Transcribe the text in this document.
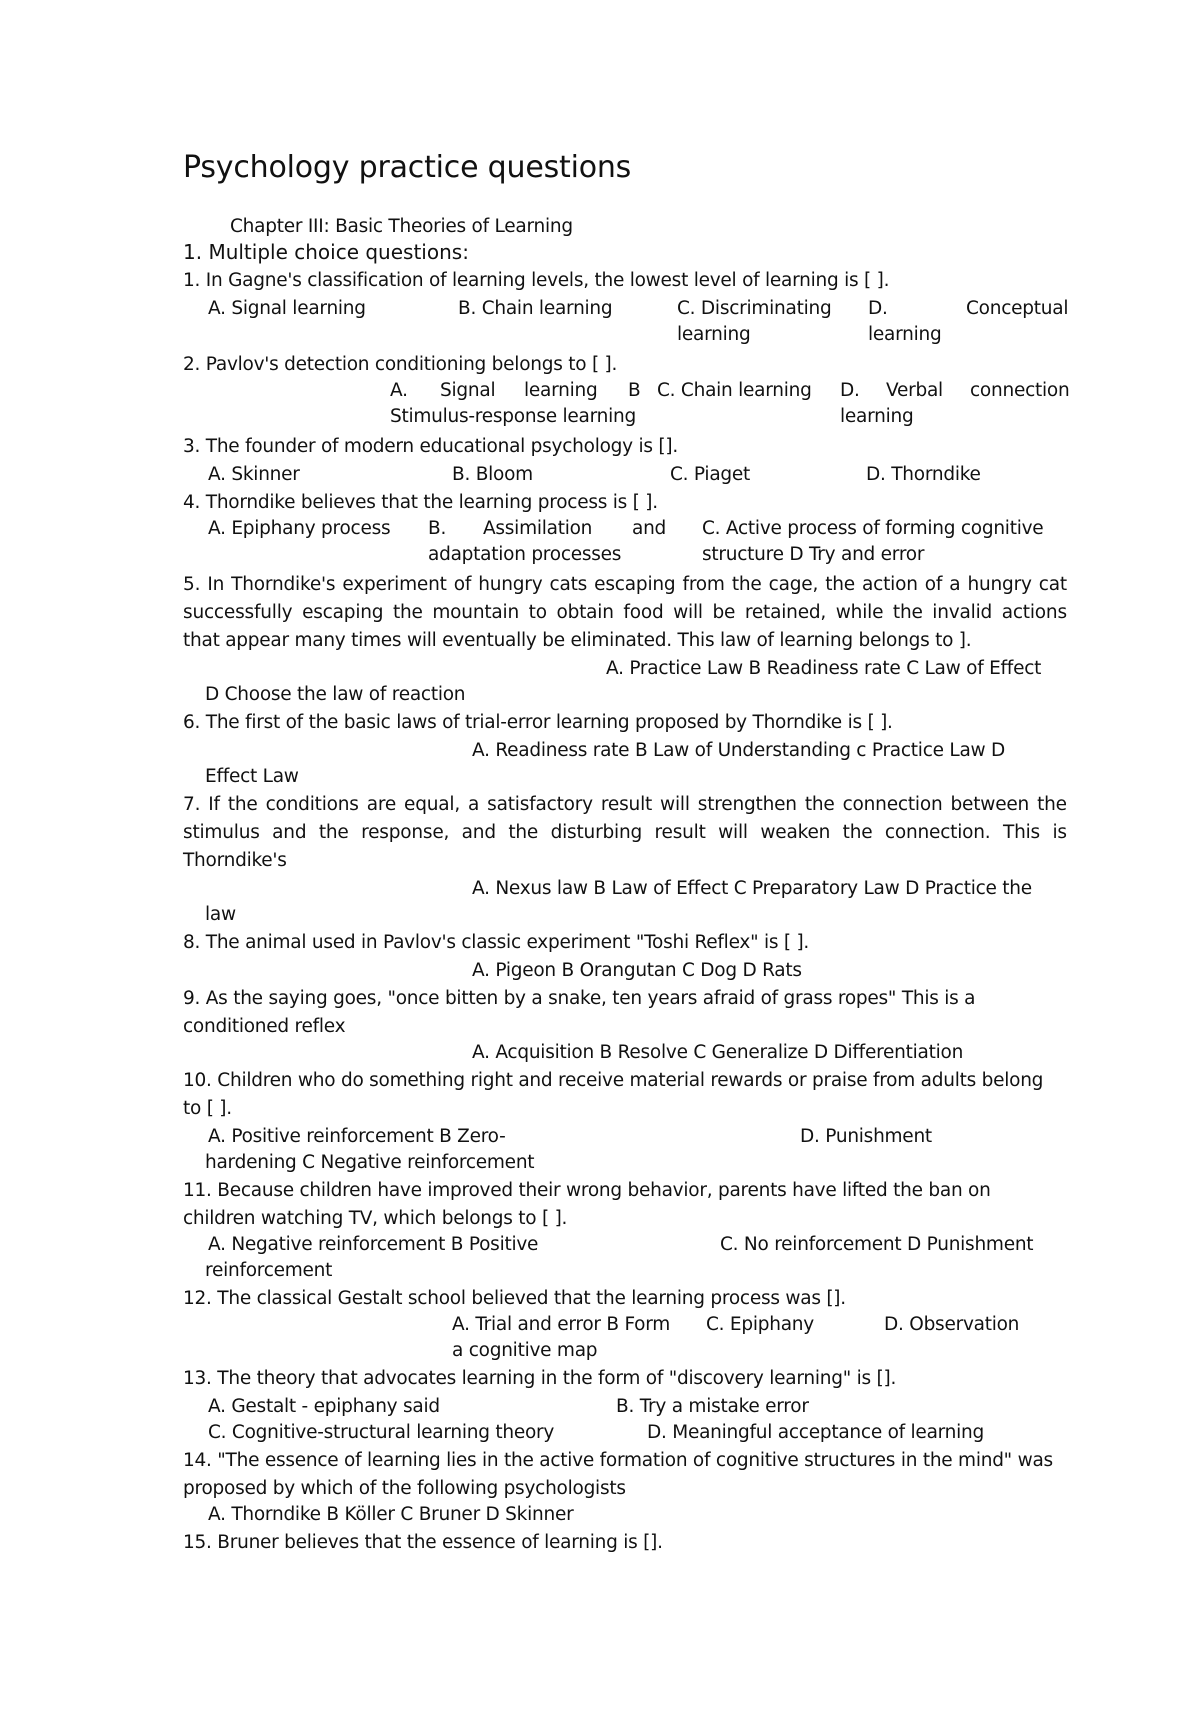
Psychology practice questions
Chapter III: Basic Theories of Learning
1. Multiple choice questions:
1. In Gagne's classification of learning levels, the lowest level of learning is [ ].
A. Signal learning	B. Chain learning	C. Discriminating
learning
D.	Conceptual
learning
2. Pavlov's detection conditioning belongs to [ ].
A. Signal learning B
Stimulus-response learning
C. Chain learning D. Verbal connection
learning
3. The founder of modern educational psychology is [].
A. Skinner	B. Bloom	C. Piaget	D. Thorndike
4. Thorndike believes that the learning process is [ ].
A. Epiphany process B. Assimilation and
adaptation processes
C. Active process of forming cognitive
structure D Try and error
5. In Thorndike's experiment of hungry cats escaping from the cage, the action of a hungry cat
successfully escaping the mountain to obtain food will be retained, while the invalid actions
that appear many times will eventually be eliminated. This law of learning belongs to ].
A. Practice Law B Readiness rate C Law of Effect
D Choose the law of reaction
6. The first of the basic laws of trial-error learning proposed by Thorndike is [ ].
A. Readiness rate B Law of Understanding c Practice Law D
Effect Law
7. If the conditions are equal, a satisfactory result will strengthen the connection between the
stimulus and the response, and the disturbing result will weaken the connection. This is
Thorndike's
A. Nexus law B Law of Effect C Preparatory Law D Practice the
law
8. The animal used in Pavlov's classic experiment "Toshi Reflex" is [ ].
A. Pigeon B Orangutan C Dog D Rats
9. As the saying goes, "once bitten by a snake, ten years afraid of grass ropes" This is a
conditioned reflex
A. Acquisition B Resolve C Generalize D Differentiation
10. Children who do something right and receive material rewards or praise from adults belong
to [ ].
A. Positive reinforcement B Zero-
hardening C Negative reinforcement
D. Punishment
11. Because children have improved their wrong behavior, parents have lifted the ban on
children watching TV, which belongs to [ ].
A. Negative reinforcement B Positive
reinforcement
C. No reinforcement D Punishment
12. The classical Gestalt school believed that the learning process was [].
A. Trial and error B Form
a cognitive map
C. Epiphany	D. Observation
13. The theory that advocates learning in the form of "discovery learning" is [].
A. Gestalt - epiphany said	B. Try a mistake error
C. Cognitive-structural learning theory	D. Meaningful acceptance of learning
14. "The essence of learning lies in the active formation of cognitive structures in the mind" was
proposed by which of the following psychologists
A. Thorndike B Köller C Bruner D Skinner
15. Bruner believes that the essence of learning is [].
